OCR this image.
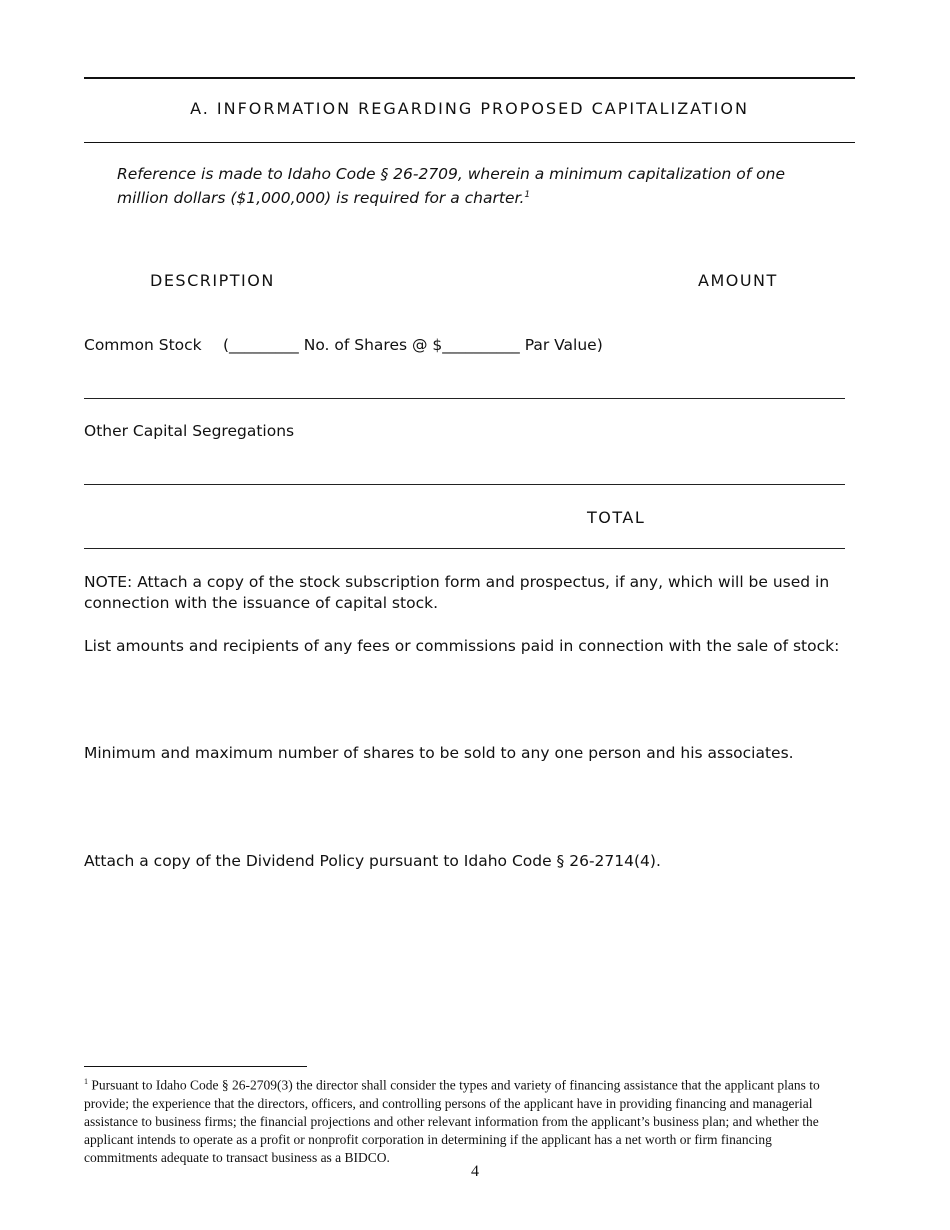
A. INFORMATION REGARDING PROPOSED CAPITALIZATION
Reference is made to Idaho Code § 26-2709, wherein a minimum capitalization of one million dollars ($1,000,000) is required for a charter.$^1$
DESCRIPTION	AMOUNT
Common Stock (_________ No. of Shares @ $__________ Par Value)
Other Capital Segregations
TOTAL
NOTE: Attach a copy of the stock subscription form and prospectus, if any, which will be used in connection with the issuance of capital stock.
List amounts and recipients of any fees or commissions paid in connection with the sale of stock:
Minimum and maximum number of shares to be sold to any one person and his associates.
Attach a copy of the Dividend Policy pursuant to Idaho Code § 26-2714(4).
$^1$ Pursuant to Idaho Code § 26-2709(3) the director shall consider the types and variety of financing assistance that the applicant plans to provide; the experience that the directors, officers, and controlling persons of the applicant have in providing financing and managerial assistance to business firms; the financial projections and other relevant information from the applicant’s business plan; and whether the applicant intends to operate as a profit or nonprofit corporation in determining if the applicant has a net worth or firm financing commitments adequate to transact business as a BIDCO.
4
